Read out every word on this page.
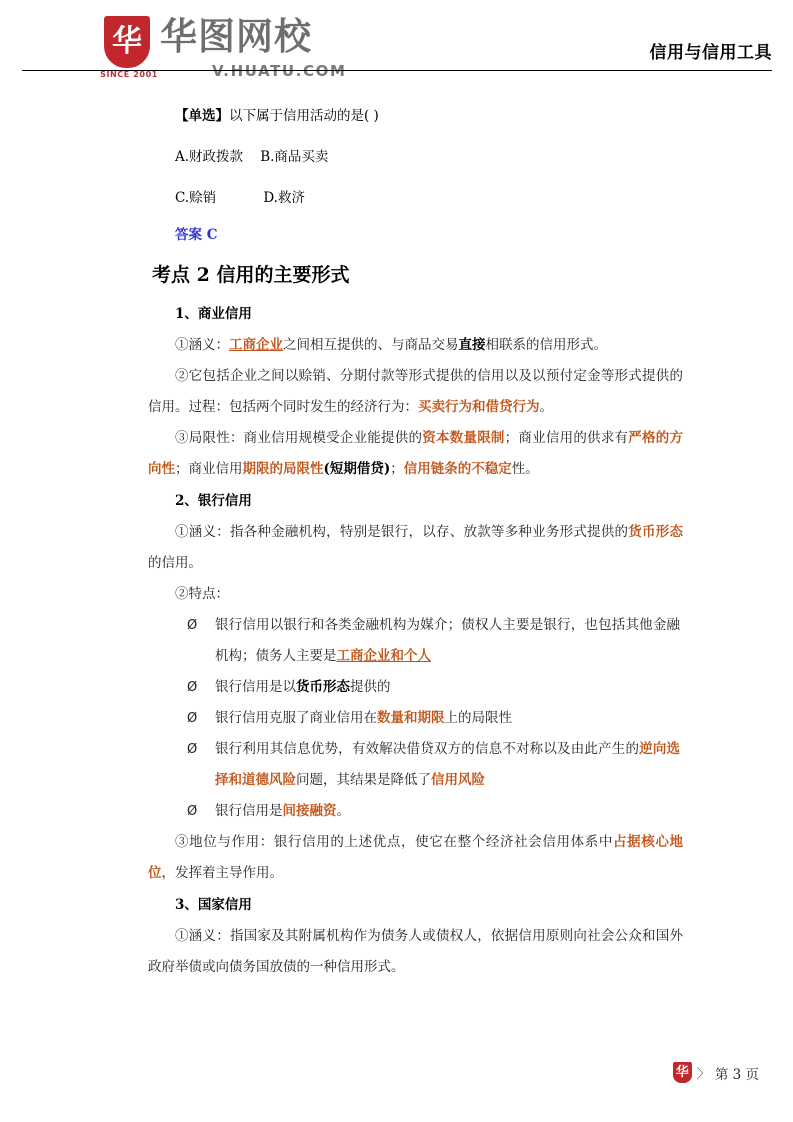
华
SINCE 2001
华图网校
V.HUATU.COM
信用与信用工具

【单选】以下属于信用活动的是( )

A.财政拨款    B.商品买卖

C.赊销           D.救济

答案 C

考点 2 信用的主要形式

1、商业信用

①涵义：工商企业之间相互提供的、与商品交易直接相联系的信用形式。

②它包括企业之间以赊销、分期付款等形式提供的信用以及以预付定金等形式提供的信用。过程：包括两个同时发生的经济行为：买卖行为和借贷行为。

③局限性：商业信用规模受企业能提供的资本数量限制；商业信用的供求有严格的方向性；商业信用期限的局限性(短期借贷)；信用链条的不稳定性。

2、银行信用

①涵义：指各种金融机构，特别是银行，以存、放款等多种业务形式提供的货币形态的信用。

②特点：

Ø 银行信用以银行和各类金融机构为媒介；债权人主要是银行，也包括其他金融机构；债务人主要是工商企业和个人

Ø 银行信用是以货币形态提供的

Ø 银行信用克服了商业信用在数量和期限上的局限性

Ø 银行利用其信息优势，有效解决借贷双方的信息不对称以及由此产生的逆向选择和道德风险问题，其结果是降低了信用风险

Ø 银行信用是间接融资。

③地位与作用：银行信用的上述优点，使它在整个经济社会信用体系中占据核心地位，发挥着主导作用。

3、国家信用

①涵义：指国家及其附属机构作为债务人或债权人，依据信用原则向社会公众和国外政府举债或向债务国放债的一种信用形式。

华 〉 第 3 页
